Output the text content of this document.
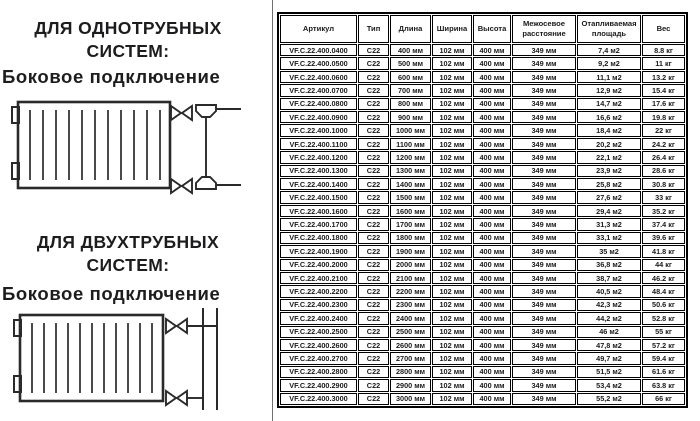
ДЛЯ ОДНОТРУБНЫХ СИСТЕМ:
Боковое подключение
ДЛЯ ДВУХТРУБНЫХ СИСТЕМ:
Боковое подключение
Артикул	Тип	Длина	Ширина	Высота	Межосевое расстояние	Отапливаемая площадь	Вес
VF.C.22.400.0400	C22	400 мм	102 мм	400 мм	349 мм	7,4 м2	8.8 кг
VF.C.22.400.0500	C22	500 мм	102 мм	400 мм	349 мм	9,2 м2	11 кг
VF.C.22.400.0600	C22	600 мм	102 мм	400 мм	349 мм	11,1 м2	13.2 кг
VF.C.22.400.0700	C22	700 мм	102 мм	400 мм	349 мм	12,9 м2	15.4 кг
VF.C.22.400.0800	C22	800 мм	102 мм	400 мм	349 мм	14,7 м2	17.6 кг
VF.C.22.400.0900	C22	900 мм	102 мм	400 мм	349 мм	16,6 м2	19.8 кг
VF.C.22.400.1000	C22	1000 мм	102 мм	400 мм	349 мм	18,4 м2	22 кг
VF.C.22.400.1100	C22	1100 мм	102 мм	400 мм	349 мм	20,2 м2	24.2 кг
VF.C.22.400.1200	C22	1200 мм	102 мм	400 мм	349 мм	22,1 м2	26.4 кг
VF.C.22.400.1300	C22	1300 мм	102 мм	400 мм	349 мм	23,9 м2	28.6 кг
VF.C.22.400.1400	C22	1400 мм	102 мм	400 мм	349 мм	25,8 м2	30.8 кг
VF.C.22.400.1500	C22	1500 мм	102 мм	400 мм	349 мм	27,6 м2	33 кг
VF.C.22.400.1600	C22	1600 мм	102 мм	400 мм	349 мм	29,4 м2	35.2 кг
VF.C.22.400.1700	C22	1700 мм	102 мм	400 мм	349 мм	31,3 м2	37.4 кг
VF.C.22.400.1800	C22	1800 мм	102 мм	400 мм	349 мм	33,1 м2	39.6 кг
VF.C.22.400.1900	C22	1900 мм	102 мм	400 мм	349 мм	35 м2	41.8 кг
VF.C.22.400.2000	C22	2000 мм	102 мм	400 мм	349 мм	36,8 м2	44 кг
VF.C.22.400.2100	C22	2100 мм	102 мм	400 мм	349 мм	38,7 м2	46.2 кг
VF.C.22.400.2200	C22	2200 мм	102 мм	400 мм	349 мм	40,5 м2	48.4 кг
VF.C.22.400.2300	C22	2300 мм	102 мм	400 мм	349 мм	42,3 м2	50.6 кг
VF.C.22.400.2400	C22	2400 мм	102 мм	400 мм	349 мм	44,2 м2	52.8 кг
VF.C.22.400.2500	C22	2500 мм	102 мм	400 мм	349 мм	46 м2	55 кг
VF.C.22.400.2600	C22	2600 мм	102 мм	400 мм	349 мм	47,8 м2	57.2 кг
VF.C.22.400.2700	C22	2700 мм	102 мм	400 мм	349 мм	49,7 м2	59.4 кг
VF.C.22.400.2800	C22	2800 мм	102 мм	400 мм	349 мм	51,5 м2	61.6 кг
VF.C.22.400.2900	C22	2900 мм	102 мм	400 мм	349 мм	53,4 м2	63.8 кг
VF.C.22.400.3000	C22	3000 мм	102 мм	400 мм	349 мм	55,2 м2	66 кг
